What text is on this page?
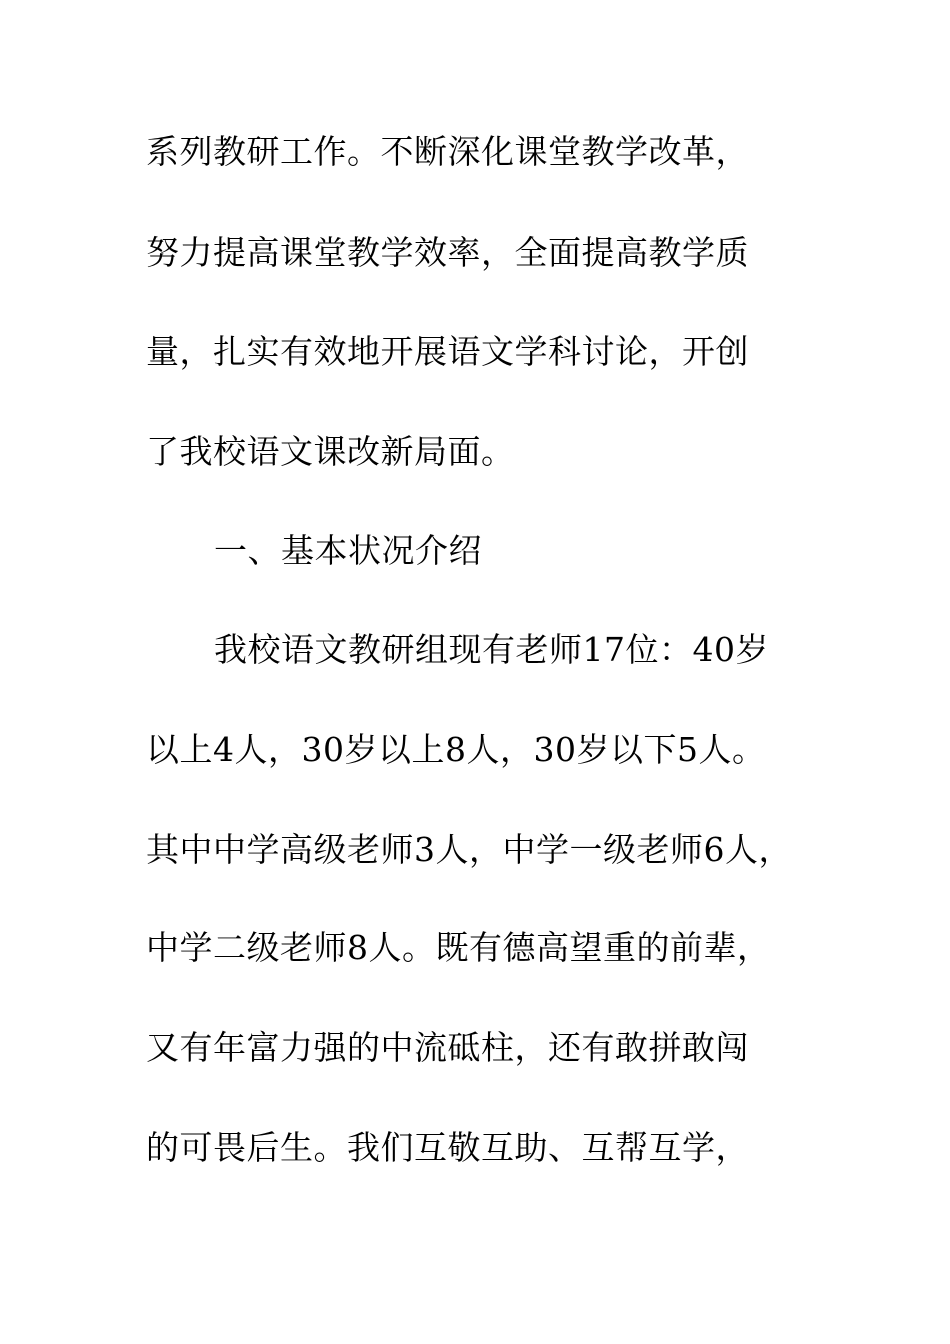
系列教研工作。不断深化课堂教学改革，
努力提高课堂教学效率，全面提高教学质
量，扎实有效地开展语文学科讨论，开创
了我校语文课改新局面。
一、基本状况介绍
我校语文教研组现有老师17位：40岁
以上4人，30岁以上8人，30岁以下5人。
其中中学高级老师3人，中学一级老师6人，
中学二级老师8人。既有德高望重的前辈，
又有年富力强的中流砥柱，还有敢拼敢闯
的可畏后生。我们互敬互助、互帮互学，
